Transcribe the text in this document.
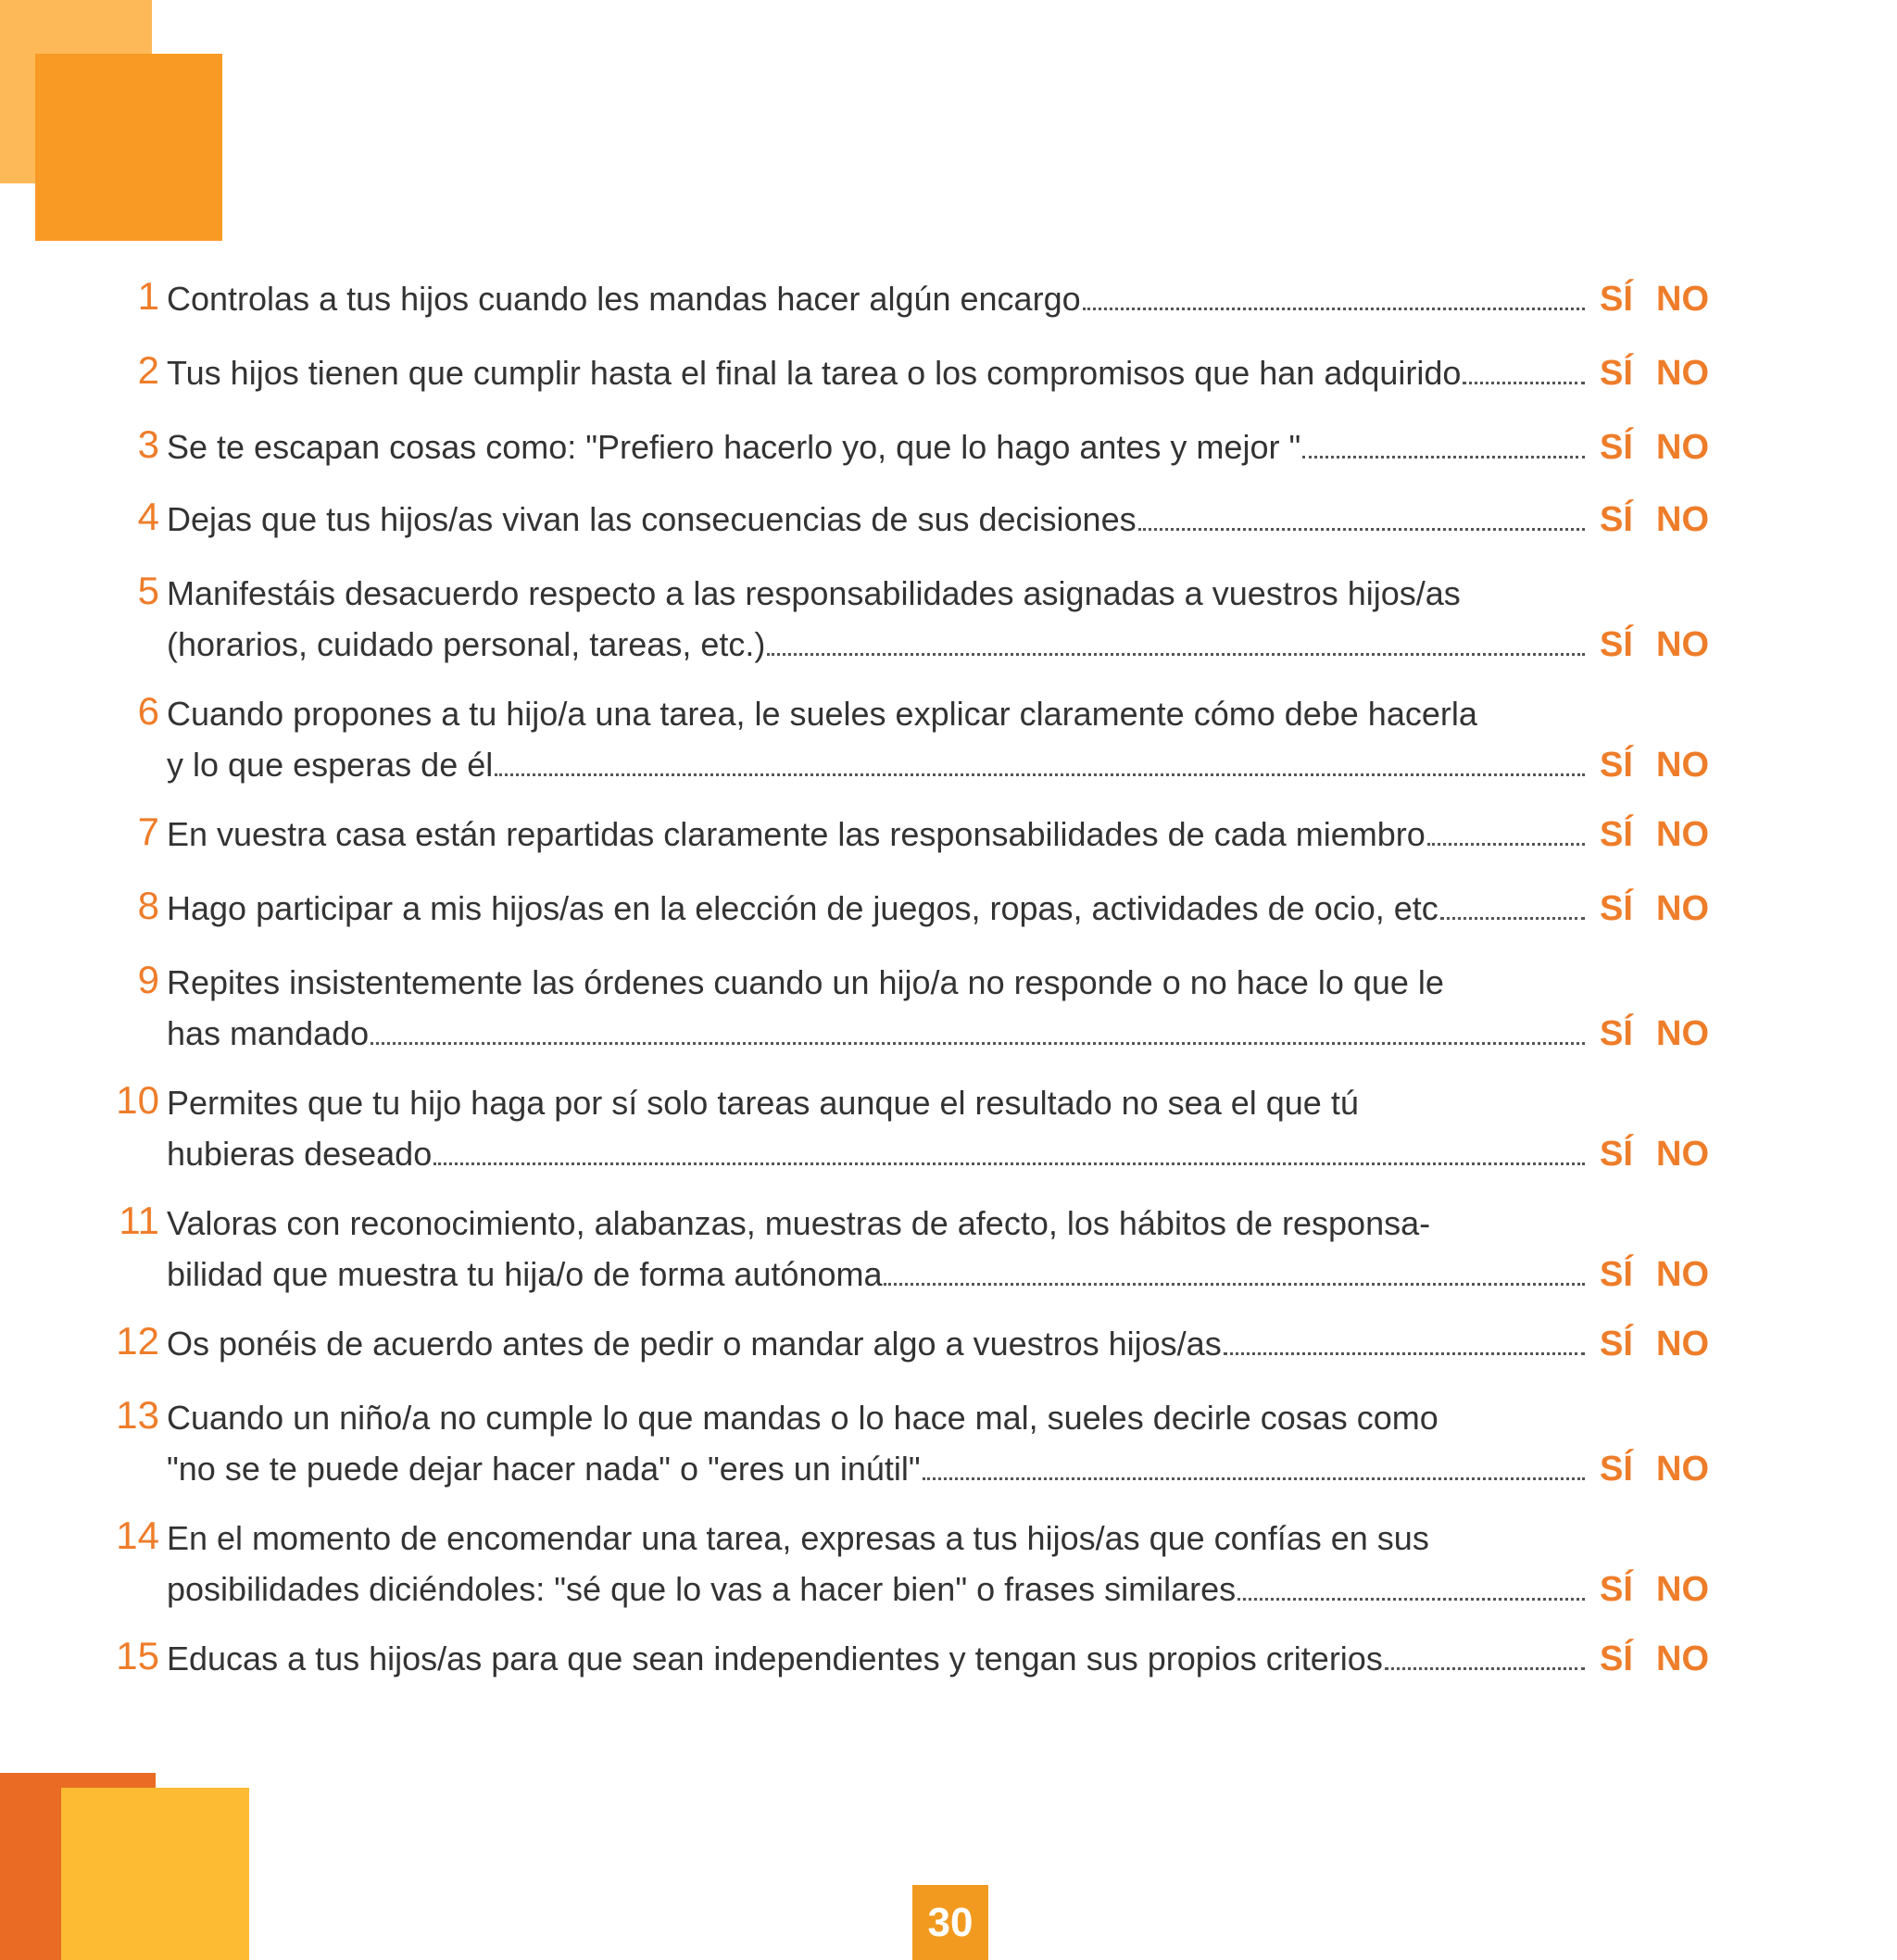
1 Controlas a tus hijos cuando les mandas hacer algún encargo	SÍ NO
2 Tus hijos tienen que cumplir hasta el final la tarea o los compromisos que han adquirido	SÍ NO
3 Se te escapan cosas como: "Prefiero hacerlo yo, que lo hago antes y mejor "	SÍ NO
4 Dejas que tus hijos/as vivan las consecuencias de sus decisiones	SÍ NO
5 Manifestáis desacuerdo respecto a las responsabilidades asignadas a vuestros hijos/as
(horarios, cuidado personal, tareas, etc.)	SÍ NO
6 Cuando propones a tu hijo/a una tarea, le sueles explicar claramente cómo debe hacerla
y lo que esperas de él	SÍ NO
7 En vuestra casa están repartidas claramente las responsabilidades de cada miembro	SÍ NO
8 Hago participar a mis hijos/as en la elección de juegos, ropas, actividades de ocio, etc	SÍ NO
9 Repites insistentemente las órdenes cuando un hijo/a no responde o no hace lo que le
has mandado	SÍ NO
10 Permites que tu hijo haga por sí solo tareas aunque el resultado no sea el que tú
hubieras deseado	SÍ NO
11 Valoras con reconocimiento, alabanzas, muestras de afecto, los hábitos de responsa-
bilidad que muestra tu hija/o de forma autónoma	SÍ NO
12 Os ponéis de acuerdo antes de pedir o mandar algo a vuestros hijos/as	SÍ NO
13 Cuando un niño/a no cumple lo que mandas o lo hace mal, sueles decirle cosas como
"no se te puede dejar hacer nada" o "eres un inútil"	SÍ NO
14 En el momento de encomendar una tarea, expresas a tus hijos/as que confías en sus
posibilidades diciéndoles: "sé que lo vas a hacer bien" o frases similares	SÍ NO
15 Educas a tus hijos/as para que sean independientes y tengan sus propios criterios	SÍ NO
30
